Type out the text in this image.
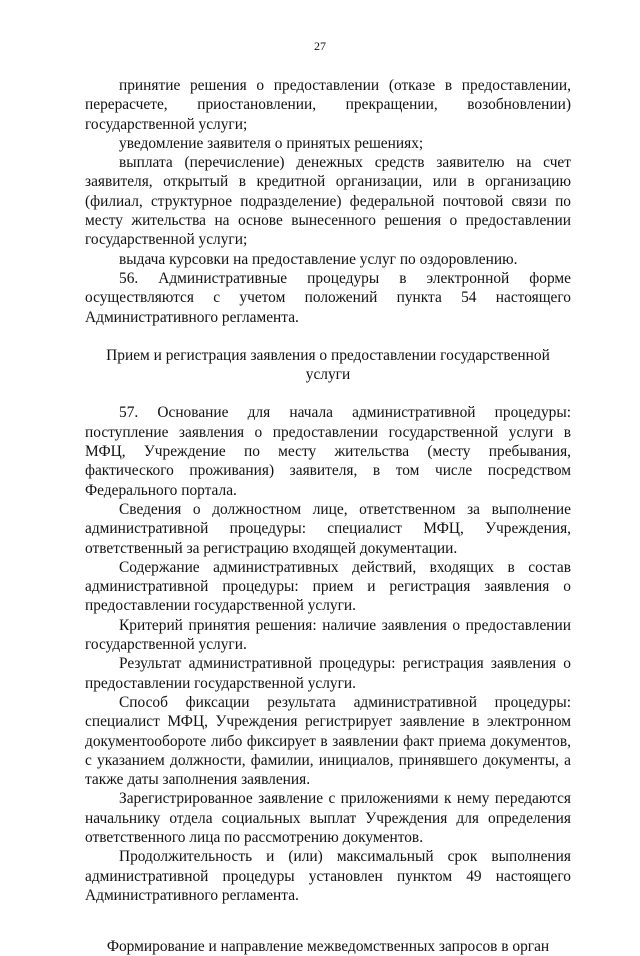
27

принятие решения о предоставлении (отказе в предоставлении, перерасчете, приостановлении, прекращении, возобновлении) государственной услуги;

уведомление заявителя о принятых решениях;

выплата (перечисление) денежных средств заявителю на счет заявителя, открытый в кредитной организации, или в организацию (филиал, структурное подразделение) федеральной почтовой связи по месту жительства на основе вынесенного решения о предоставлении государственной услуги;

выдача курсовки на предоставление услуг по оздоровлению.

56. Административные процедуры в электронной форме осуществляются с учетом положений пункта 54 настоящего Административного регламента.

Прием и регистрация заявления о предоставлении государственной услуги

57. Основание для начала административной процедуры: поступление заявления о предоставлении государственной услуги в МФЦ, Учреждение по месту жительства (месту пребывания, фактического проживания) заявителя, в том числе посредством Федерального портала.

Сведения о должностном лице, ответственном за выполнение административной процедуры: специалист МФЦ, Учреждения, ответственный за регистрацию входящей документации.

Содержание административных действий, входящих в состав административной процедуры: прием и регистрация заявления о предоставлении государственной услуги.

Критерий принятия решения: наличие заявления о предоставлении государственной услуги.

Результат административной процедуры: регистрация заявления о предоставлении государственной услуги.

Способ фиксации результата административной процедуры: специалист МФЦ, Учреждения регистрирует заявление в электронном документообороте либо фиксирует в заявлении факт приема документов, с указанием должности, фамилии, инициалов, принявшего документы, а также даты заполнения заявления.

Зарегистрированное заявление с приложениями к нему передаются начальнику отдела социальных выплат Учреждения для определения ответственного лица по рассмотрению документов.

Продолжительность и (или) максимальный срок выполнения административной процедуры установлен пунктом 49 настоящего Административного регламента.

Формирование и направление межведомственных запросов в орган
